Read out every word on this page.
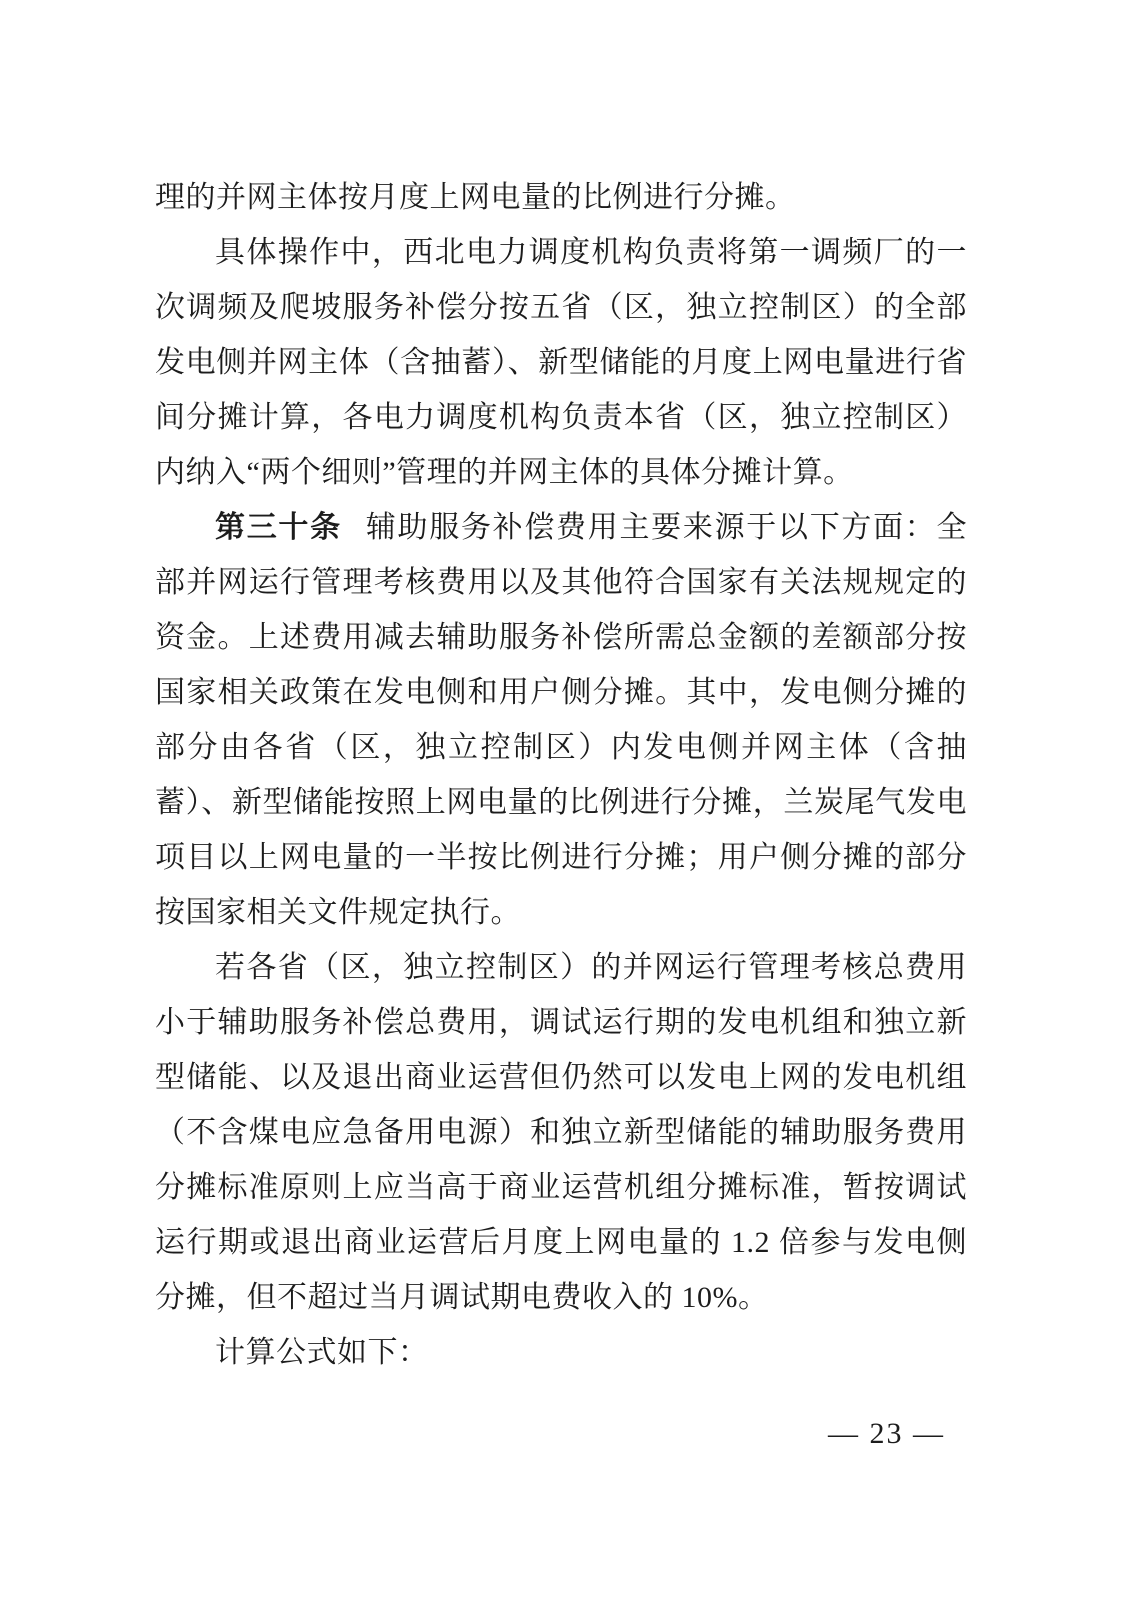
理的并网主体按月度上网电量的比例进行分摊。

具体操作中，西北电力调度机构负责将第一调频厂的一次调频及爬坡服务补偿分按五省（区，独立控制区）的全部发电侧并网主体（含抽蓄）、新型储能的月度上网电量进行省间分摊计算，各电力调度机构负责本省（区，独立控制区）内纳入“两个细则”管理的并网主体的具体分摊计算。

第三十条 辅助服务补偿费用主要来源于以下方面：全部并网运行管理考核费用以及其他符合国家有关法规规定的资金。上述费用减去辅助服务补偿所需总金额的差额部分按国家相关政策在发电侧和用户侧分摊。其中，发电侧分摊的部分由各省（区，独立控制区）内发电侧并网主体（含抽蓄）、新型储能按照上网电量的比例进行分摊，兰炭尾气发电项目以上网电量的一半按比例进行分摊；用户侧分摊的部分按国家相关文件规定执行。

若各省（区，独立控制区）的并网运行管理考核总费用小于辅助服务补偿总费用，调试运行期的发电机组和独立新型储能、以及退出商业运营但仍然可以发电上网的发电机组（不含煤电应急备用电源）和独立新型储能的辅助服务费用分摊标准原则上应当高于商业运营机组分摊标准，暂按调试运行期或退出商业运营后月度上网电量的 1.2 倍参与发电侧分摊，但不超过当月调试期电费收入的 10%。

计算公式如下：

— 23 —
